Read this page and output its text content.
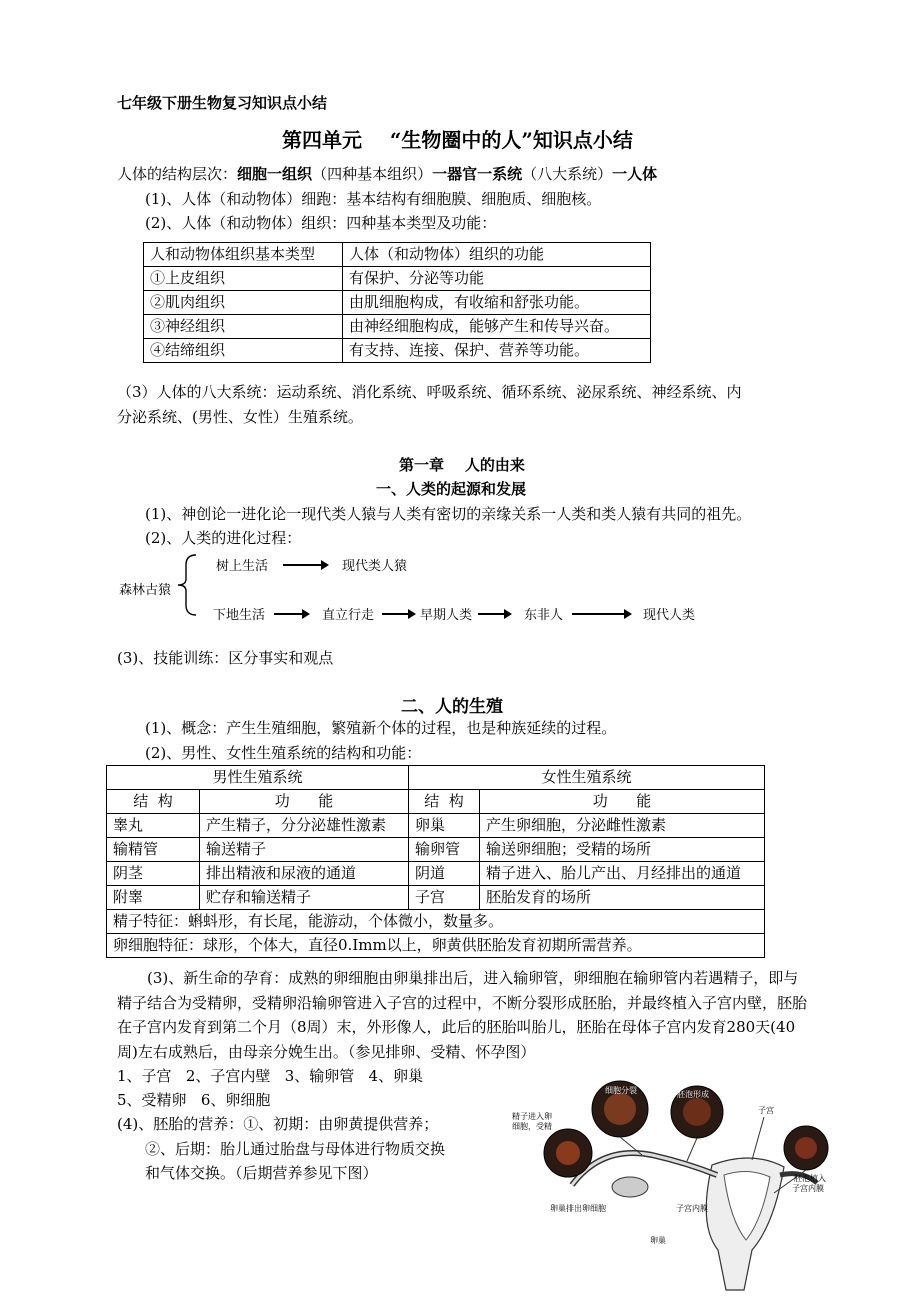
七年级下册生物复习知识点小结
第四单元    “生物圈中的人”知识点小结
人体的结构层次：细胞一组织（四种基本组织）一器官一系统（八大系统）一人体
(1)、人体（和动物体）细跑：基本结构有细胞膜、细胞质、细胞核。
(2)、人体（和动物体）组织：四种基本类型及功能：
人和动物体组织基本类型	人体（和动物体）组织的功能
①上皮组织	有保护、分泌等功能
②肌肉组织	由肌细胞构成，有收缩和舒张功能。
③神经组织	由神经细胞构成，能够产生和传导兴奋。
④结缔组织	有支持、连接、保护、营养等功能。
（3）人体的八大系统：运动系统、消化系统、呼吸系统、循环系统、泌尿系统、神经系统、内
分泌系统、(男性、女性）生殖系统。
第一章    人的由来
一、人类的起源和发展
(1)、神创论一进化论一现代类人猿与人类有密切的亲缘关系一人类和类人猿有共同的祖先。
(2)、人类的进化过程：
森林古猿
树上生活	现代类人猿
下地生活	直立行走	早期人类	东非人	现代人类
(3)、技能训练：区分事实和观点
二、人的生殖
(1)、概念：产生生殖细胞，繁殖新个体的过程，也是种族延续的过程。
(2)、男性、女性生殖系统的结构和功能：
男性生殖系统		女性生殖系统	
结  构	功      能	结  构	功      能
睾丸	产生精子，分分泌雄性激素	卵巢	产生卵细胞，分泌雌性激素
输精管	输送精子	输卵管	输送卵细胞；受精的场所
阴茎	排出精液和尿液的通道	阴道	精子进入、胎儿产出、月经排出的通道
附睾	贮存和输送精子	子宫	胚胎发育的场所
精子特征：蝌蚪形，有长尾，能游动，个体微小，数量多。			
卵细胞特征：球形，个体大，直径0.Imm以上，卵黄供胚胎发育初期所需营养。			
(3)、新生命的孕育：成熟的卵细胞由卵巢排出后，进入输卵管，卵细胞在输卵管内若遇精子，即与精子结合为受精卵，受精卵沿输卵管进入子宫的过程中，不断分裂形成胚胎，并最终植入子宫内壁，胚胎在子宫内发育到第二个月（8周）末，外形像人，此后的胚胎叫胎儿，胚胎在母体子宫内发育280天(40周)左右成熟后，由母亲分娩生出。（参见排卵、受精、怀孕图）
1、子宫   2、子宫内壁   3、输卵管   4、卵巢
5、受精卵   6、卵细胞
(4)、胚胎的营养：①、初期：由卵黄提供营养；
②、后期：胎儿通过胎盘与母体进行物质交换
和气体交换。（后期营养参见下图）
细胞分裂	胚泡形成
子宫
精子进入卵
细胞，受精
卵巢排出卵细胞
胚泡植入
子宫内膜
子宫内膜
卵巢
